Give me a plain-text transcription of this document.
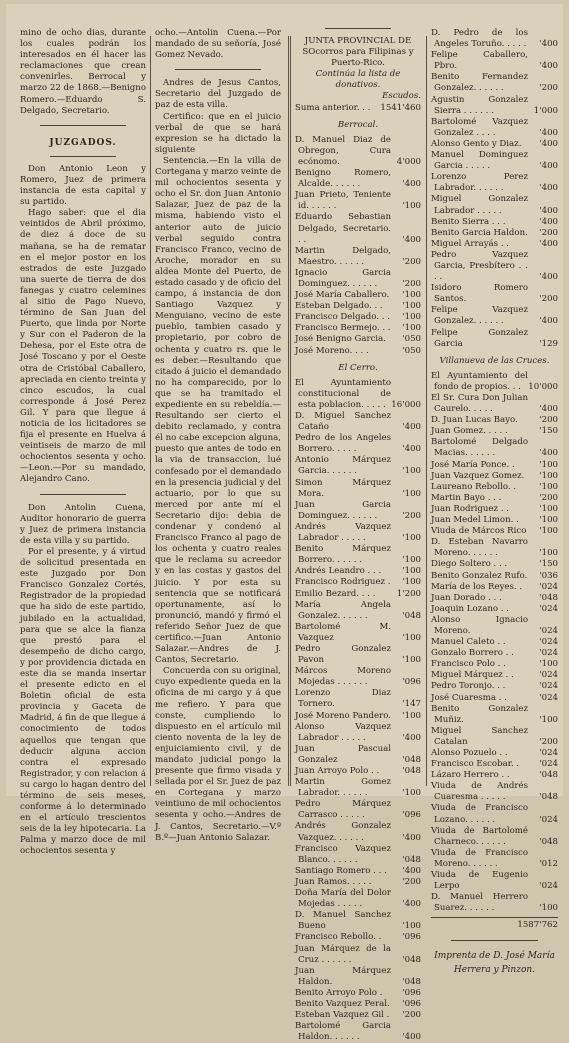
mino de ocho dias, durante los cuales podrán los interesados en él hacer las reclamaciones que crean convenirles. Berrocal y marzo 22 de 1868.—Benigno Romero.—Eduardo S. Delgado, Secretario.

JUZGADOS.

Don Antonio Leon y Romero, Juez de primera instancia de esta capital y su partido.

Hago saber: que el dia veintidos de Abril próximo, de diez á doce de su mañana, se ha de rematar en el mejor postor en los estrados de este Juzgado una suerte de tierra de dos fanegas y cuatro celemines al sitio de Pago Nuevo, término de San Juan del Puerto, que linda por Norte y Sur con el Paderon de la Dehesa, por el Este otra de José Toscano y por el Oeste otra de Cristóbal Caballero, apreciada en ciento treinta y cinco escudos, la cual corresponde á José Perez Gil. Y para que llegue á noticia de los licitadores se fija el presente en Huelva á veintiseis de marzo de mil ochocientos sesenta y ocho.—Leon.—Por su mandado, Alejandro Cano.

Don Antolin Cuena, Auditor honorario de guerra y Juez de primera instancia de esta villa y su partido.

Por el presente, y á virtud de solicitud presentada en este Juzgado por Don Francisco Gonzalez Cortés, Registrador de la propiedad que ha sido de este partido, jubilado en la actualidad, para que se alce la fianza que prestó para el desempeño de dicho cargo, y por providencia dictada en este dia se manda insertar el presente edicto en el Boletin oficial de esta provincia y Gaceta de Madrid, á fin de que llegue á conocimiento de todos aquellos que tengan que deducir alguna accion contra el expresado Registrador, y con relacion á su cargo lo hagan dentro del término de seis meses, conforme á lo determinado en el artículo trescientos seis de la ley hipotecaria. La Palma y marzo doce de mil ochocientos sesenta y

ocho.—Antolin Cuena.—Por mandado de su señoría, José Gomez Nevado.

Andres de Jesus Cantos, Secretario del Juzgado de paz de esta villa.

Certifico: que en el juicio verbal de que se hará expresion se ha dictado la siguiente

Sentencia.—En la villa de Cortegana y marzo veinte de mil ochocientos sesenta y ocho el Sr. don Juan Antonio Salazar, Juez de paz de la misma, habiendo visto el anterior auto de juicio verbal seguido contra Francisco Franco, vecino de Aroche, morador en su aldea Monte del Puerto, de estado casado y de oficio del campo, á instancia de don Santiago Vazquez y Menguiano, vecino de este pueblo, tambien casado y propietario, por cobro de ochenta y cuatro rs. que le es deber.—Resultando que citado á juicio el demandado no ha comparecido, por lo que se ha tramitado el expediente en su rebeldía.—Resultando ser cierto el debito reclamado, y contra él no cabe excepcion alguna, puesto que antes de todo en la via de transaccion, lué confesado por el demandado en la presencia judicial y del actuario, por lo que su merced por ante mí el Secretario dijo: debia de condenar y condenó al Francisco Franco al pago de los ochenta y cuatro reales que le reclama su acreedor y en las costas y gastos del juicio. Y por esta su sentencia que se notificará oportunamente, así lo pronunció, mandó y firmó el referido Señor Juez de que certifico.—Juan Antonio Salazar.—Andres de J. Cantos, Secretario.

Concuerda con su original, cuyo expediente queda en la oficina de mi cargo y á que me refiero. Y para que conste, cumpliendo lo dispuesto en el artículo mil ciento noventa de la ley de enjuiciamiento civil, y de mandato judicial pongo la presente que firmo visada y sellada por el Sr. Juez de paz en Cortegana y marzo veintiuno de mil ochocientos sesenta y ocho.—Andres de J. Cantos, Secretario.—V.º B.º—Juan Antonio Salazar.

JUNTA PROVINCIAL DE SOcorros para Filipinas y Puerto-Rico.

Continúa la lista de donativos.

Escudos.
Suma anterior. . .	1541'460

Berrocal.

D. Manuel Diaz de Obregon, Cura ecónomo.	4'000
Benigno Romero, Alcalde. . . . . .	'400
Juan Prieto, Teniente id. . . . . .	'100
Eduardo Sebastian Delgado, Secretario. . .	'400
Martin Delgado, Maestro. . . . . .	'200
Ignacio Garcia Dominguez. . . . . .	'200
José María Caballero.	'100
Esteban Delgado. . .	'100
Francisco Delgado. . .	'100
Francisco Bermejo. . .	'100
José Benigno Garcia.	'050
José Moreno. . . .	'050

El Cerro.

El Ayuntamiento constitucional de esta poblacion. . . . . 16'000
D. Miguel Sanchez Cataño	'400
Pedro de los Angeles Borrero. . . . .	'400
Antonio Márquez Garcia. . . . . .	'100
Simon Márquez Mora.	'100
Juan Garcia Dominguez. . . . . .	'200
Andrés Vazquez Labrador . . . . .	'100
Benito Márquez Borrero. . . . . .	'100
Andrés Leandro . . .	'100
Francisco Rodriguez .	'100
Emilio Bezard. . . .	1'200
María Angela Gonzalez. . . . . .	'048
Bartolomé M. Vazquez	'100
Pedro Gonzalez Pavon	'100
Márcos Moreno Mojedas . . . . . .	'096
Lorenzo Diaz Tornero.	'147
José Moreno Pandero.	'100
Alonso Vazquez Labrador . . . . .	'400
Juan Pascual Gonzalez	'048
Juan Arroyo Polo . .	'048
Martin Gomez Labrador. . . . . .	'100
Pedro Márquez Carrasco . . . . .	'096
Andrés Gonzalez Vazquez. . . . . .	'400
Francisco Vazquez Blanco. . . . . .	'048
Santiago Romero . . .	'400
Juan Ramos. . . . .	'200
Doña María del Dolor Mojedas . . . . .	'400
D. Manuel Sanchez Bueno	'100
Francisco Rebollo. .	'096
Juan Márquez de la Cruz . . . . . .	'048
Juan Márquez Haldon.	'048
Benito Arroyo Polo .	'096
Benito Vazquez Peral.	'096
Esteban Vazquez Gil .	'200
Bartolomé Garcia Haldon. . . . . .	'400
D. Pedro de los Angeles Toruño. . . . .	'400
Felipe Caballero, Pbro.	'400
Benito Fernandez Gonzalez. . . . . .	'200
Agustin Gonzalez Sierra . . . . . .	1'000
Bartolomé Vazquez Gonzalez . . . .	'400
Alonso Gento y Diaz.	'400
Manuel Dominguez Garcia . . . . .	'400
Lorenzo Perez Labrador. . . . . .	'400
Miguel Gonzalez Labrador . . . . .	'400
Benito Sierra . . .	'400
Benito Garcia Haldon.	'200
Miguel Arrayás . .	'400
Pedro Vazquez Garcia, Presbítero . . . .	'400
Isidoro Romero Santos.	'200
Felipe Vazquez Gonzalez. . . . . .	'400
Felipe Gonzalez Garcia	'129

Villanueva de las Cruces.

El Ayuntamiento del fondo de propios. . . 10'000
El Sr. Cura Don Julian Caurelo. . . . .	'400
D. Juan Lucas Bayo.	'200
Juan Gomez. . . . .	'150
Bartolomé Delgado Macias. . . . . .	'400
José María Ponce. .	'100
Juan Vazquez Gomez.	'100
Laureano Rebollo. .	'100
Martin Bayo . . .	'200
Juan Rodriguez . .	'100
Juan Medel Limon. .	'100
Viuda de Márcos Rico	'100
D. Esteban Navarro Moreno. . . . . .	'100
Diego Soltero . . .	'150
Benito Gonzalez Rufo.	'036
María de los Reyes. .	'024
Juan Dorado . . .	'048
Joaquin Lozano . .	'024
Alonso Ignacio Moreno.	'024
Manuel Caleto . .	'024
Gonzalo Borrero . .	'024
Francisco Polo . .	'100
Miguel Márquez . .	'024
Pedro Toronjo. . .	'024
José Cuaresma . .	'024
Benito Gonzalez Muñiz.	'100
Miguel Sanchez Catalan	'200
Alonso Pozuelo . .	'024
Francisco Escobar. .	'024
Lázaro Herrero . .	'048
Viuda de Andrés Cuaresma . . . . .	'048
Viuda de Francisco Lozano. . . . . .	'024
Viuda de Bartolomé Charneco. . . . . .	'048
Viuda de Francisco Moreno. . . . . .	'012
Viuda de Eugenio Lerpo	'024
D. Manuel Herrero Suarez. . . . . .	'100
1587'762
Imprenta de D. José María
Herrera y Pinzon.
